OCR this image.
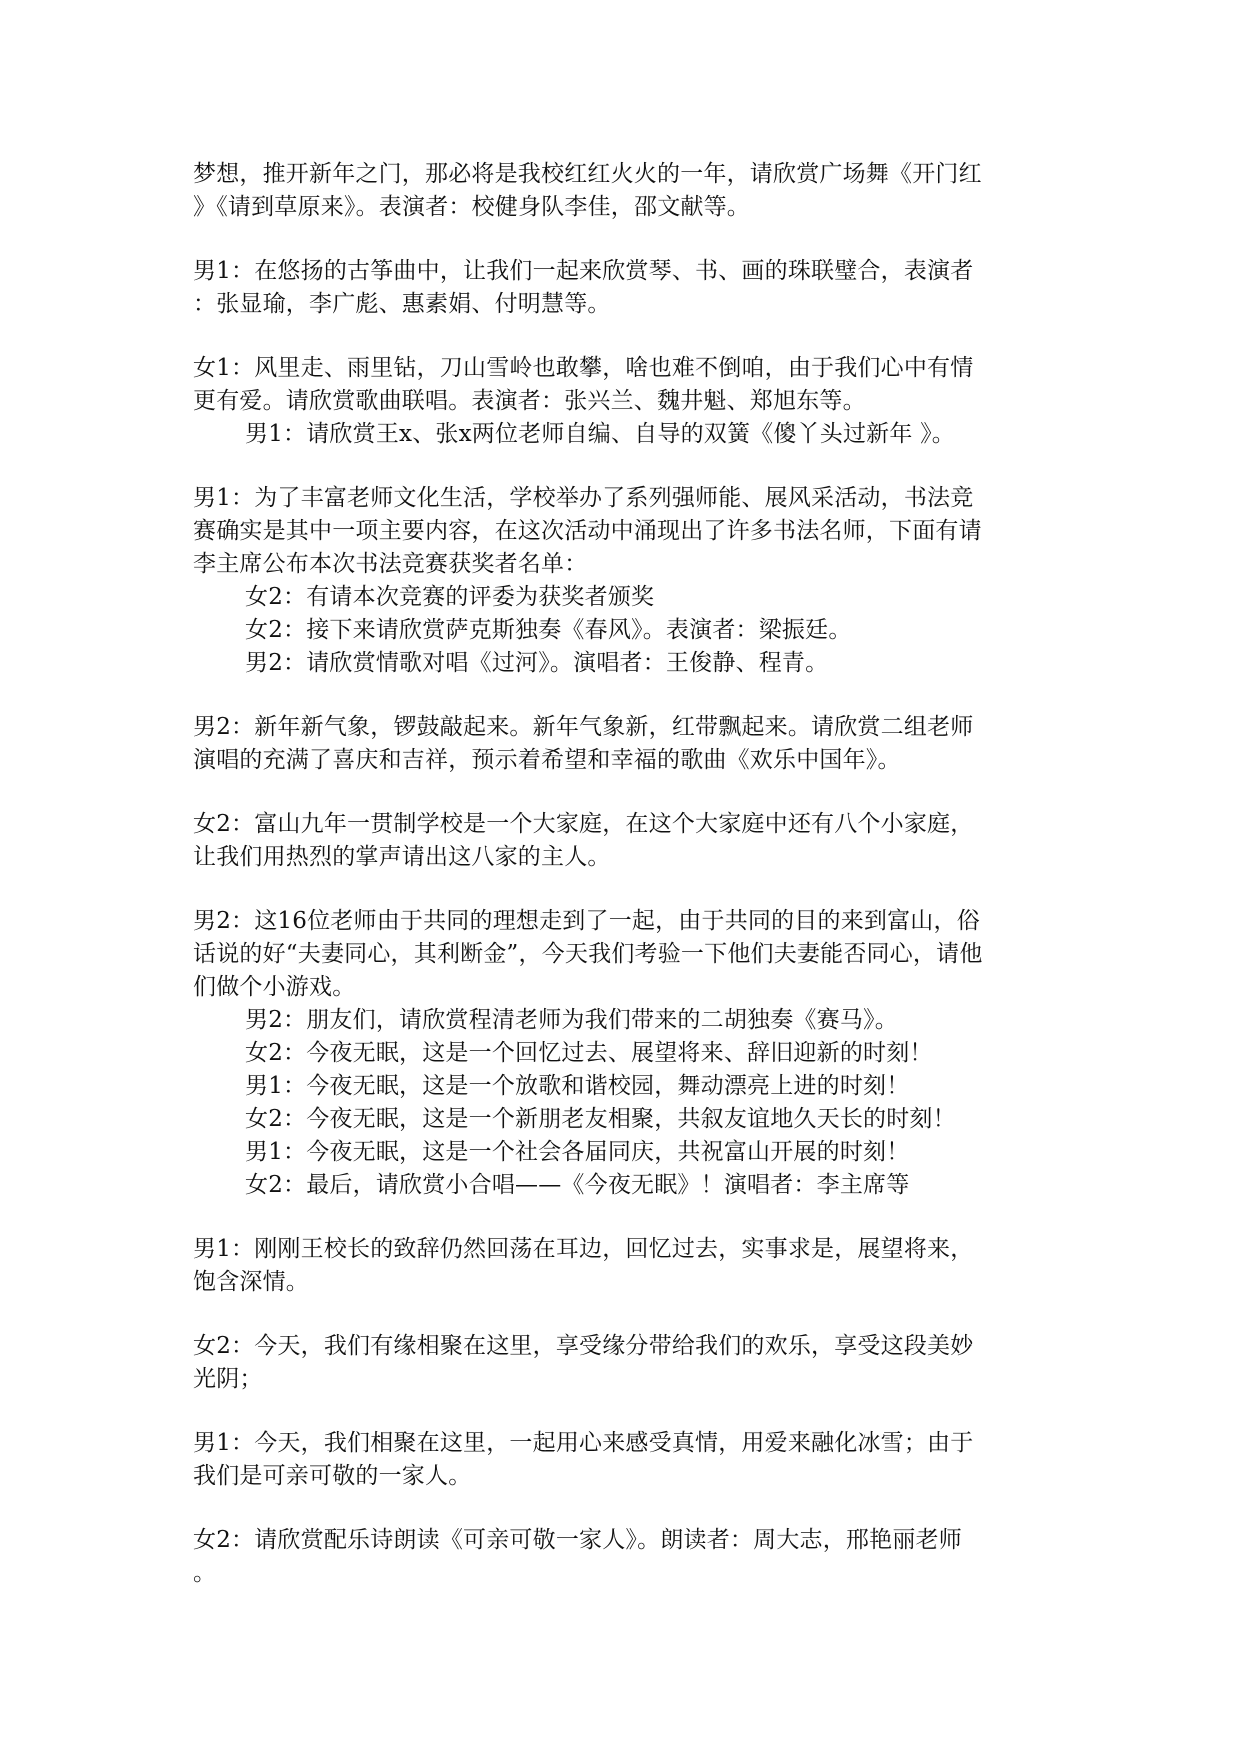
梦想，推开新年之门，那必将是我校红红火火的一年，请欣赏广场舞《开门红
》《请到草原来》。表演者：校健身队李佳，邵文献等。
男1：在悠扬的古筝曲中，让我们一起来欣赏琴、书、画的珠联璧合，表演者
：张显瑜，李广彪、惠素娟、付明慧等。
女1：风里走、雨里钻，刀山雪岭也敢攀，啥也难不倒咱，由于我们心中有情
更有爱。请欣赏歌曲联唱。表演者：张兴兰、魏井魁、郑旭东等。
男1：请欣赏王x、张x两位老师自编、自导的双簧《傻丫头过新年 》。
男1：为了丰富老师文化生活，学校举办了系列强师能、展风采活动，书法竞
赛确实是其中一项主要内容，在这次活动中涌现出了许多书法名师，下面有请
李主席公布本次书法竞赛获奖者名单：
女2：有请本次竞赛的评委为获奖者颁奖
女2：接下来请欣赏萨克斯独奏《春风》。表演者：梁振廷。
男2：请欣赏情歌对唱《过河》。演唱者：王俊静、程青。
男2：新年新气象，锣鼓敲起来。新年气象新，红带飘起来。请欣赏二组老师
演唱的充满了喜庆和吉祥，预示着希望和幸福的歌曲《欢乐中国年》。
女2：富山九年一贯制学校是一个大家庭，在这个大家庭中还有八个小家庭，
让我们用热烈的掌声请出这八家的主人。
男2：这16位老师由于共同的理想走到了一起，由于共同的目的来到富山，俗
话说的好“夫妻同心，其利断金”，今天我们考验一下他们夫妻能否同心，请他
们做个小游戏。
男2：朋友们，请欣赏程清老师为我们带来的二胡独奏《赛马》。
女2：今夜无眠，这是一个回忆过去、展望将来、辞旧迎新的时刻！
男1：今夜无眠，这是一个放歌和谐校园，舞动漂亮上进的时刻！
女2：今夜无眠，这是一个新朋老友相聚，共叙友谊地久天长的时刻！
男1：今夜无眠，这是一个社会各届同庆，共祝富山开展的时刻！
女2：最后，请欣赏小合唱——《今夜无眠》！演唱者：李主席等
男1：刚刚王校长的致辞仍然回荡在耳边，回忆过去，实事求是，展望将来，
饱含深情。
女2：今天，我们有缘相聚在这里，享受缘分带给我们的欢乐，享受这段美妙
光阴；
男1：今天，我们相聚在这里，一起用心来感受真情，用爱来融化冰雪；由于
我们是可亲可敬的一家人。
女2：请欣赏配乐诗朗读《可亲可敬一家人》。朗读者：周大志，邢艳丽老师
。
